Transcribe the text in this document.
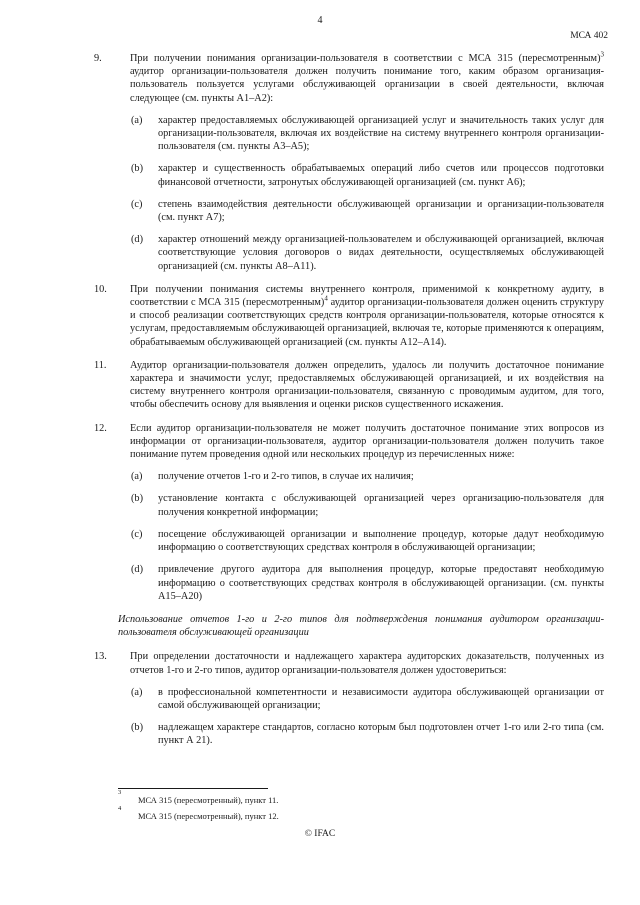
4
МСА 402
9.	При получении понимания организации-пользователя в соответствии с МСА 315 (пересмотренным)$^3$ аудитор организации-пользователя должен получить понимание того, каким образом организация-пользователь пользуется услугами обслуживающей организации в своей деятельности, включая следующее (см. пункты А1–А2):
(a) характер предоставляемых обслуживающей организацией услуг и значительность таких услуг для организации-пользователя, включая их воздействие на систему внутреннего контроля организации-пользователя (см. пункты А3–А5);
(b) характер и существенность обрабатываемых операций либо счетов или процессов подготовки финансовой отчетности, затронутых обслуживающей организацией (см. пункт А6);
(c) степень взаимодействия деятельности обслуживающей организации и организации-пользователя (см. пункт А7);
(d) характер отношений между организацией-пользователем и обслуживающей организацией, включая соответствующие условия договоров о видах деятельности, осуществляемых обслуживающей организацией (см. пункты А8–А11).
10.	При получении понимания системы внутреннего контроля, применимой к конкретному аудиту, в соответствии с МСА 315 (пересмотренным)$^4$ аудитор организации-пользователя должен оценить структуру и способ реализации соответствующих средств контроля организации-пользователя, которые относятся к услугам, предоставляемым обслуживающей организацией, включая те, которые применяются к операциям, обрабатываемым обслуживающей организацией (см. пункты А12–А14).
11.	Аудитор организации-пользователя должен определить, удалось ли получить достаточное понимание характера и значимости услуг, предоставляемых обслуживающей организацией, и их воздействия на систему внутреннего контроля организации-пользователя, связанную с проводимым аудитом, для того, чтобы обеспечить основу для выявления и оценки рисков существенного искажения.
12.	Если аудитор организации-пользователя не может получить достаточное понимание этих вопросов из информации от организации-пользователя, аудитор организации-пользователя должен получить такое понимание путем проведения одной или нескольких процедур из перечисленных ниже:
(a) получение отчетов 1-го и 2-го типов, в случае их наличия;
(b) установление контакта с обслуживающей организацией через организацию-пользователя для получения конкретной информации;
(c) посещение обслуживающей организации и выполнение процедур, которые дадут необходимую информацию о соответствующих средствах контроля в обслуживающей организации;
(d) привлечение другого аудитора для выполнения процедур, которые предоставят необходимую информацию о соответствующих средствах контроля в обслуживающей организации. (см. пункты А15–А20)
Использование отчетов 1-го и 2-го типов для подтверждения понимания аудитором организации-пользователя обслуживающей организации
13.	При определении достаточности и надлежащего характера аудиторских доказательств, полученных из отчетов 1-го и 2-го типов, аудитор организации-пользователя должен удостовериться:
(a) в профессиональной компетентности и независимости аудитора обслуживающей организации от самой обслуживающей организации;
(b) надлежащем характере стандартов, согласно которым был подготовлен отчет 1-го или 2-го типа (см. пункт А 21).
3
МСА 315 (пересмотренный), пункт 11.
4
МСА 315 (пересмотренный), пункт 12.
© IFAC
